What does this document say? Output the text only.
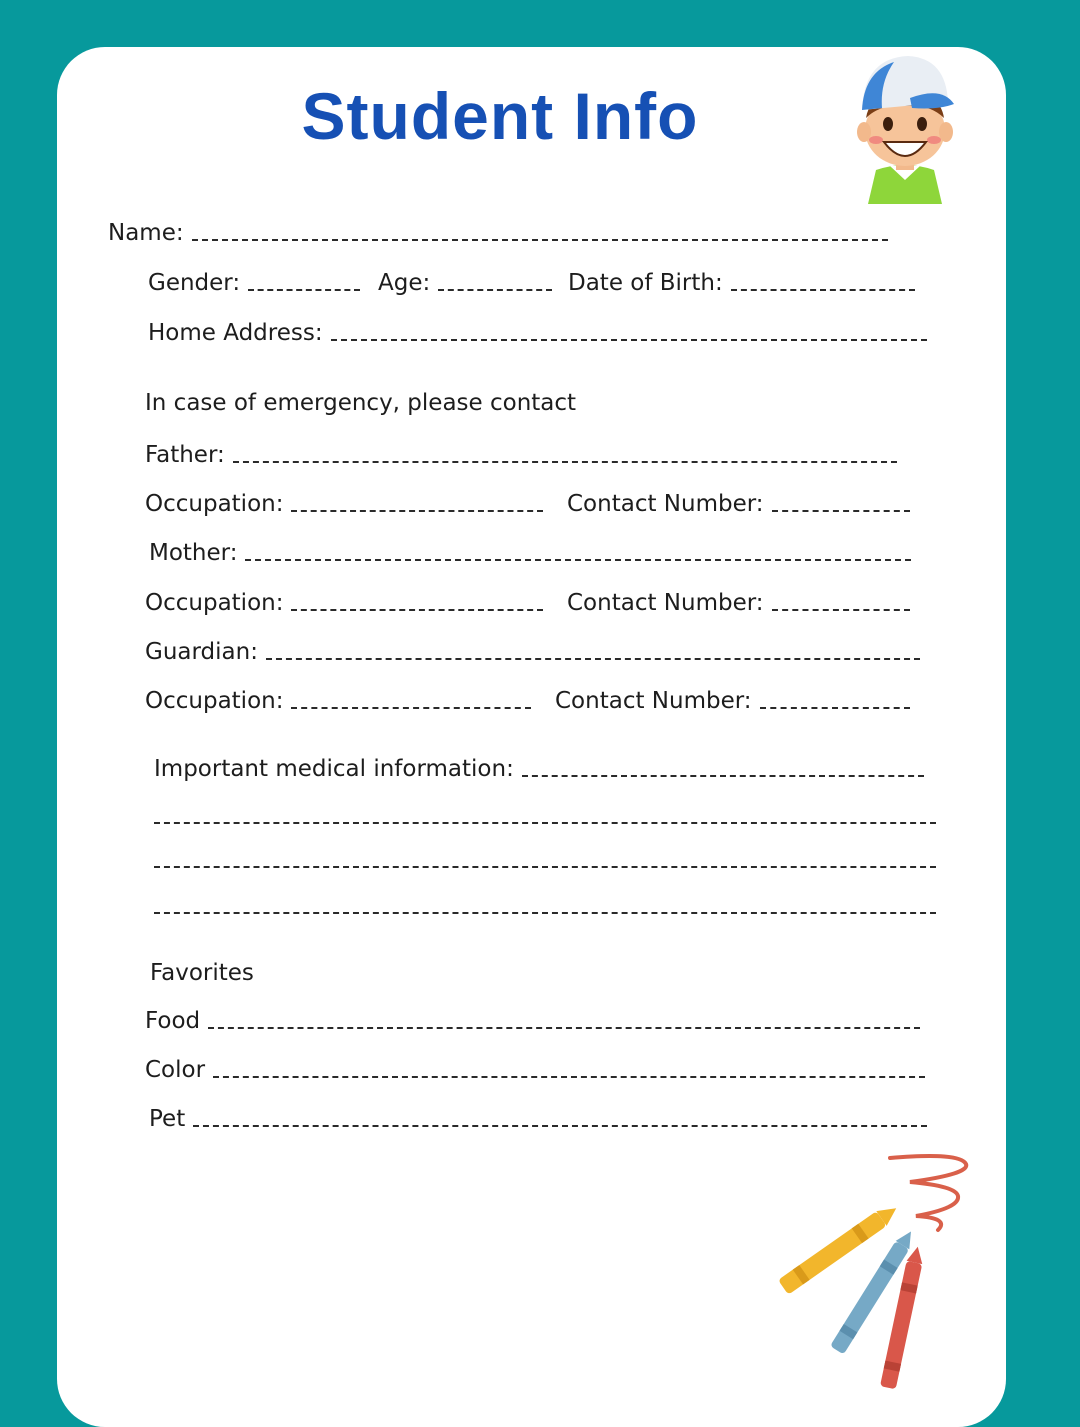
Student Info
Name:
Gender:	Age:	Date of Birth:
Home Address:
In case of emergency, please contact
Father:
Occupation:	Contact Number:
Mother:
Occupation:	Contact Number:
Guardian:
Occupation:	Contact Number:
Important medical information:
Favorites
Food
Color
Pet
